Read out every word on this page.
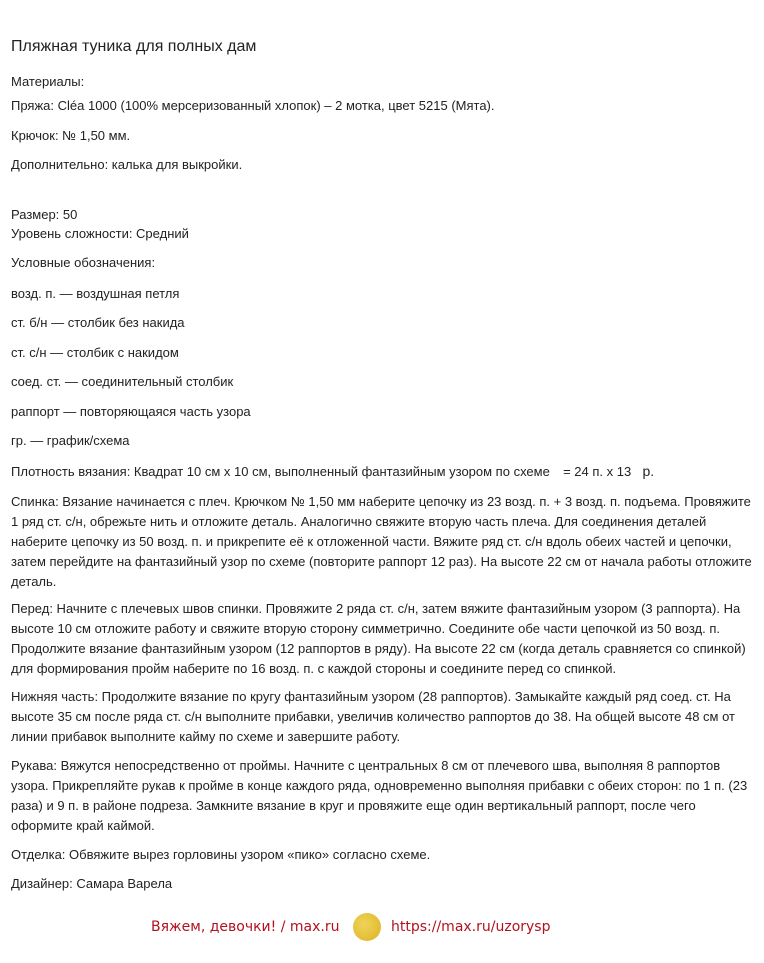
Пляжная туника для полных дам
Материалы:
Пряжа: Cléa 1000 (100% мерсеризованный хлопок) – 2 мотка, цвет 5215 (Мята).
Крючок: № 1,50 мм.
Дополнительно: калька для выкройки.
Размер: 50
Уровень сложности: Средний
Условные обозначения:
возд. п. — воздушная петля
ст. б/н — столбик без накида
ст. с/н — столбик с накидом
соед. ст. — соединительный столбик
раппорт — повторяющаяся часть узора
гр. — график/схема
Плотность вязания: Квадрат 10 см х 10 см, выполненный фантазийным узором по схеме = 24 п. х 13 р.
Спинка: Вязание начинается с плеч. Крючком № 1,50 мм наберите цепочку из 23 возд. п. + 3 возд. п. подъема. Провяжите 1 ряд ст. с/н, обрежьте нить и отложите деталь. Аналогично свяжите вторую часть плеча. Для соединения деталей наберите цепочку из 50 возд. п. и прикрепите её к отложенной части. Вяжите ряд ст. с/н вдоль обеих частей и цепочки, затем перейдите на фантазийный узор по схеме (повторите раппорт 12 раз). На высоте 22 см от начала работы отложите деталь.
Перед: Начните с плечевых швов спинки. Провяжите 2 ряда ст. с/н, затем вяжите фантазийным узором (3 раппорта). На высоте 10 см отложите работу и свяжите вторую сторону симметрично. Соедините обе части цепочкой из 50 возд. п. Продолжите вязание фантазийным узором (12 раппортов в ряду). На высоте 22 см (когда деталь сравняется со спинкой) для формирования пройм наберите по 16 возд. п. с каждой стороны и соедините перед со спинкой.
Нижняя часть: Продолжите вязание по кругу фантазийным узором (28 раппортов). Замыкайте каждый ряд соед. ст. На высоте 35 см после ряда ст. с/н выполните прибавки, увеличив количество раппортов до 38. На общей высоте 48 см от линии прибавок выполните кайму по схеме и завершите работу.
Рукава: Вяжутся непосредственно от проймы. Начните с центральных 8 см от плечевого шва, выполняя 8 раппортов узора. Прикрепляйте рукав к пройме в конце каждого ряда, одновременно выполняя прибавки с обеих сторон: по 1 п. (23 раза) и 9 п. в районе подреза. Замкните вязание в круг и провяжите еще один вертикальный раппорт, после чего оформите край каймой.
Отделка: Обвяжите вырез горловины узором «пико» согласно схеме.
Дизайнер: Самара Варела
Вяжем, девочки! / max.ru	https://max.ru/uzorysp
